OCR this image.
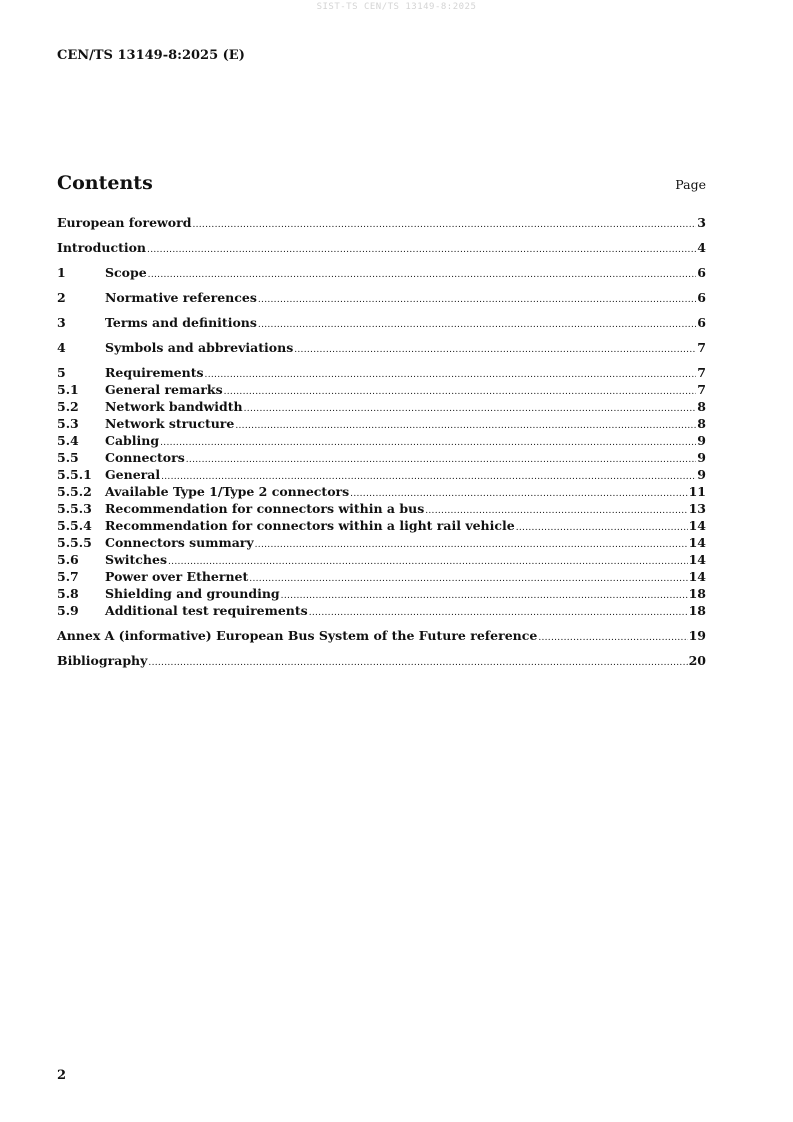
SIST-TS CEN/TS 13149-8:2025
CEN/TS 13149-8:2025 (E)
Contents	Page
European foreword .....	3
Introduction .....	4
1	Scope .....	6
2	Normative references .....	6
3	Terms and definitions .....	6
4	Symbols and abbreviations .....	7
5	Requirements .....	7
5.1	General remarks .....	7
5.2	Network bandwidth .....	8
5.3	Network structure .....	8
5.4	Cabling .....	9
5.5	Connectors .....	9
5.5.1	General .....	9
5.5.2	Available Type 1/Type 2 connectors .....	11
5.5.3	Recommendation for connectors within a bus .....	13
5.5.4	Recommendation for connectors within a light rail vehicle .....	14
5.5.5	Connectors summary .....	14
5.6	Switches .....	14
5.7	Power over Ethernet .....	14
5.8	Shielding and grounding .....	18
5.9	Additional test requirements .....	18
Annex A (informative) European Bus System of the Future reference .....	19
Bibliography .....	20
2
